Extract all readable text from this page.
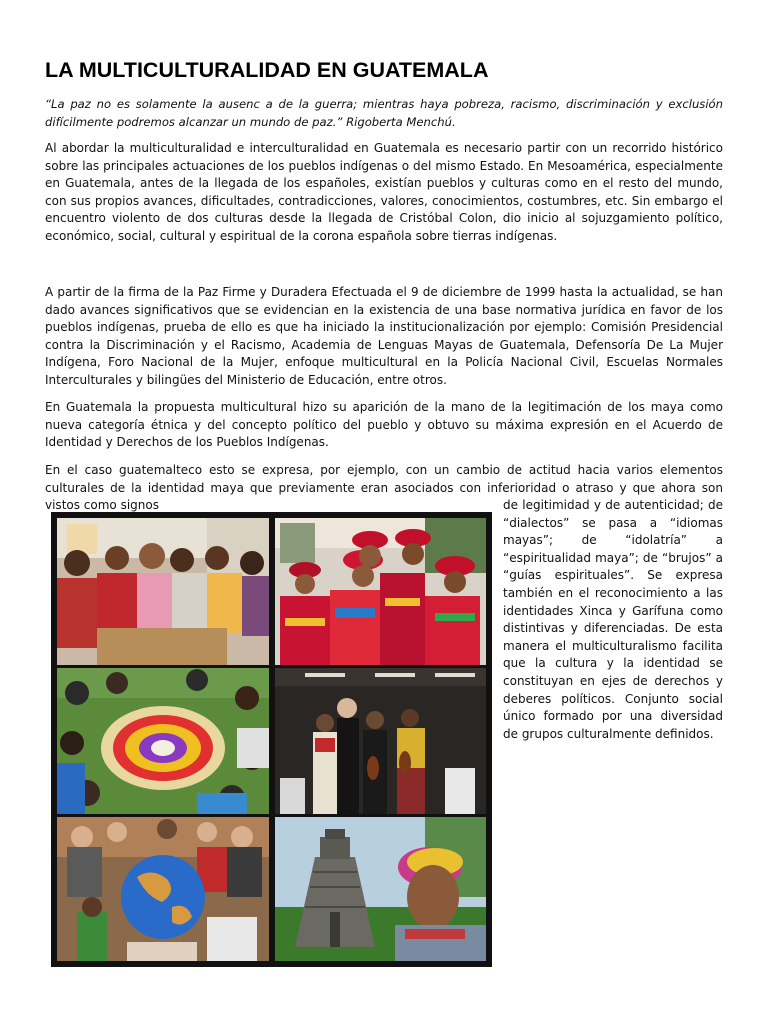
LA MULTICULTURALIDAD EN GUATEMALA
“La paz no es solamente la ausenc a de la guerra; mientras haya pobreza, racismo, discriminación y exclusión difícilmente podremos alcanzar un mundo de paz.” Rigoberta Menchú.
Al abordar la multiculturalidad e interculturalidad en Guatemala es necesario partir con un recorrido histórico sobre las principales actuaciones de los pueblos indígenas o del mismo Estado. En Mesoamérica, especialmente en Guatemala, antes de la llegada de los españoles, existían pueblos y culturas como en el resto del mundo, con sus propios avances, dificultades, contradicciones, valores, conocimientos, costumbres, etc. Sin embargo el encuentro violento de dos culturas desde la llegada de Cristóbal Colon, dio inicio al sojuzgamiento político, económico, social, cultural y espiritual de la corona española sobre tierras indígenas.
A partir de la firma de la Paz Firme y Duradera Efectuada el 9 de diciembre de 1999 hasta la actualidad, se han dado avances significativos que se evidencian en la existencia de una base normativa jurídica en favor de los pueblos indígenas, prueba de ello es que ha iniciado la institucionalización por ejemplo: Comisión Presidencial contra la Discriminación y el Racismo, Academia de Lenguas Mayas de Guatemala, Defensoría De La Mujer Indígena, Foro Nacional de la Mujer, enfoque multicultural en la Policía Nacional Civil, Escuelas Normales Interculturales y bilingües del Ministerio de Educación, entre otros.
En Guatemala la propuesta multicultural hizo su aparición de la mano de la legitimación de los maya como nueva categoría étnica y del concepto político del pueblo y obtuvo su máxima expresión en el Acuerdo de Identidad y Derechos de los Pueblos Indígenas.
En el caso guatemalteco esto se expresa, por ejemplo, con un cambio de actitud hacia varios elementos culturales de la identidad maya que previamente eran asociados con inferioridad o atraso y que ahora son vistos como signos	de legitimidad y de autenticidad; de “dialectos” se pasa a “idiomas mayas”; de “idolatría” a “espiritualidad maya”; de “brujos” a “guías espirituales”. Se expresa también en el reconocimiento a las identidades Xinca y Garífuna como distintivas y diferenciadas. De esta manera el multiculturalismo facilita que la cultura y la identidad se constituyan en ejes de derechos y deberes políticos. Conjunto social único formado por una diversidad de grupos culturalmente definidos.
